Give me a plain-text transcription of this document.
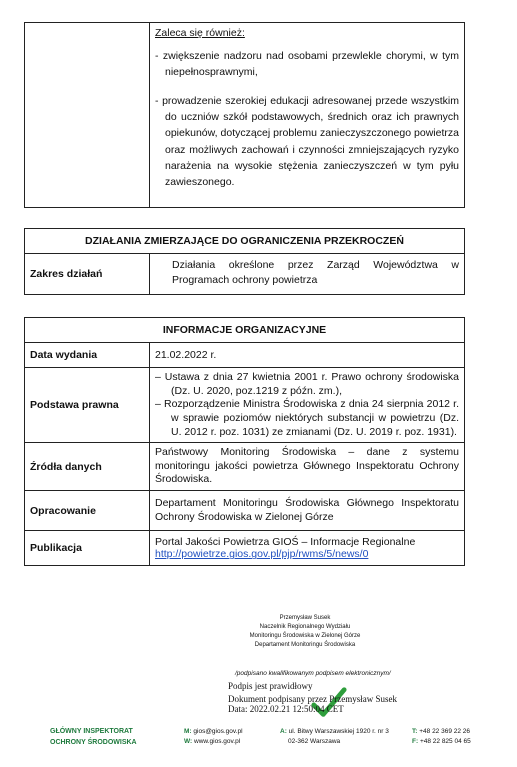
Zaleca się również:
- zwiększenie nadzoru nad osobami przewlekle chorymi, w tym niepełnosprawnymi,
- prowadzenie szerokiej edukacji adresowanej przede wszystkim do uczniów szkół podstawowych, średnich oraz ich prawnych opiekunów, dotyczącej problemu zanieczyszczonego powietrza oraz możliwych zachowań i czynności zmniejszających ryzyko narażenia na wysokie stężenia zanieczyszczeń w tym pyłu zawieszonego.
DZIAŁANIA ZMIERZAJĄCE DO OGRANICZENIA PRZEKROCZEŃ
Zakres działań	Działania określone przez Zarząd Województwa w Programach ochrony powietrza
INFORMACJE ORGANIZACYJNE	
Data wydania	21.02.2022 r.
Podstawa prawna	– Ustawa z dnia 27 kwietnia 2001 r. Prawo ochrony środowiska (Dz. U. 2020, poz.1219 z późn. zm.),

– Rozporządzenie Ministra Środowiska z dnia 24 sierpnia 2012 r. w sprawie poziomów niektórych substancji w powietrzu (Dz. U. 2012 r. poz. 1031) ze zmianami (Dz. U. 2019 r. poz. 1931).

Źródła danych	Państwowy Monitoring Środowiska – dane z systemu monitoringu jakości powietrza Głównego Inspektoratu Ochrony Środowiska.
Opracowanie	Departament Monitoringu Środowiska Głównego Inspektoratu Ochrony Środowiska w Zielonej Górze
Publikacja	Portal Jakości Powietrza GIOŚ – Informacje Regionalne
http://powietrze.gios.gov.pl/pjp/rwms/5/news/0
Przemysław Susek
Naczelnik Regionalnego Wydziału
Monitoringu Środowiska w Zielonej Górze
Departament Monitoringu Środowiska
/podpisano kwalifikowanym podpisem elektronicznym/
Podpis jest prawidłowy
Dokument podpisany przez Przemysław Susek
Data: 2022.02.21 12:50:04 CET
GŁÓWNY INSPEKTORAT
OCHRONY ŚRODOWISKA
M: gios@gios.gov.pl
W: www.gios.gov.pl
A: ul. Bitwy Warszawskiej 1920 r. nr 3
02-362 Warszawa
T: +48 22 369 22 26
F: +48 22 825 04 65
